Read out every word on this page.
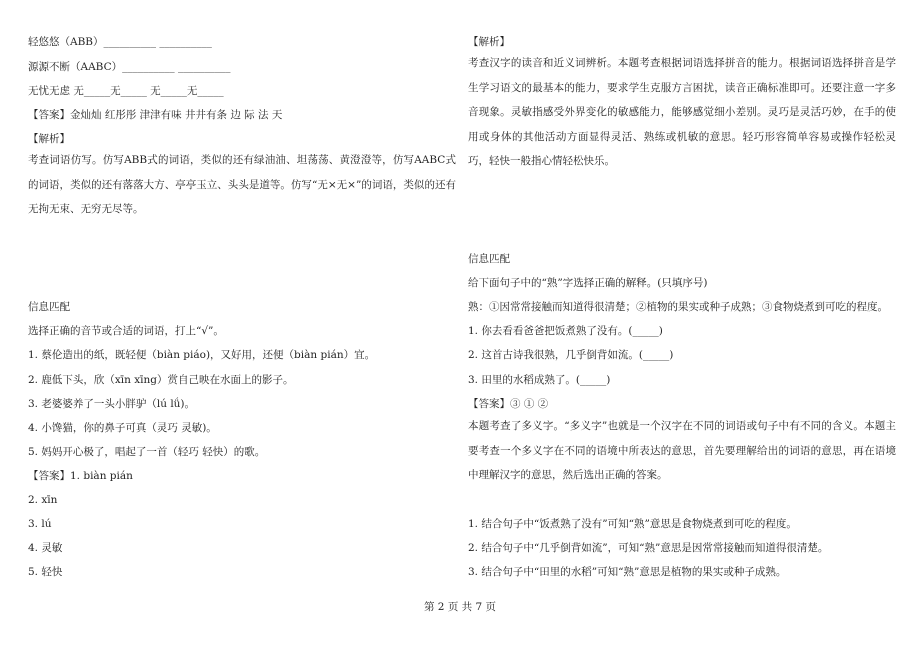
轻悠悠（ABB）__________ __________
源源不断（AABC）__________ __________
无忧无虑 无_____无_____ 无_____无_____
【答案】金灿灿 红彤彤 津津有味 井井有条 边 际 法 天
【解析】
考查词语仿写。仿写ABB式的词语，类似的还有绿油油、坦荡荡、黄澄澄等，仿写AABC式的词语，类似的还有落落大方、亭亭玉立、头头是道等。仿写“无×无×”的词语，类似的还有无拘无束、无穷无尽等。
信息匹配
选择正确的音节或合适的词语，打上“√”。
1. 蔡伦造出的纸，既轻便（biàn piáo)，又好用，还便（biàn pián）宜。
2. 鹿低下头，欣（xīn xīng）赏自己映在水面上的影子。
3. 老婆婆养了一头小胖驴（lú lǘ)。
4. 小馋猫，你的鼻子可真（灵巧 灵敏)。
5. 妈妈开心极了，唱起了一首（轻巧 轻快）的歌。
【答案】1. biàn pián
2. xīn
3. lú
4. 灵敏
5. 轻快
【解析】
考查汉字的读音和近义词辨析。本题考查根据词语选择拼音的能力。根据词语选择拼音是学生学习语文的最基本的能力，要求学生克服方言困扰，读音正确标准即可。还要注意一字多音现象。灵敏指感受外界变化的敏感能力，能够感觉细小差别。灵巧是灵活巧妙，在手的使用或身体的其他活动方面显得灵活、熟练或机敏的意思。轻巧形容简单容易或操作轻松灵巧，轻快一般指心情轻松快乐。
信息匹配
给下面句子中的“熟”字选择正确的解释。(只填序号)
熟：①因常常接触而知道得很清楚；②植物的果实或种子成熟；③食物烧煮到可吃的程度。
1. 你去看看爸爸把饭煮熟了没有。(_____)
2. 这首古诗我很熟，几乎倒背如流。(_____)
3. 田里的水稻成熟了。(_____)
【答案】③ ① ②
本题考查了多义字。“多义字”也就是一个汉字在不同的词语或句子中有不同的含义。本题主要考查一个多义字在不同的语境中所表达的意思，首先要理解给出的词语的意思，再在语境中理解汉字的意思，然后选出正确的答案。
1. 结合句子中“饭煮熟了没有”可知“熟”意思是食物烧煮到可吃的程度。
2. 结合句子中“几乎倒背如流”，可知“熟”意思是因常常接触而知道得很清楚。
3. 结合句子中“田里的水稻”可知“熟”意思是植物的果实或种子成熟。
第 2 页 共 7 页
